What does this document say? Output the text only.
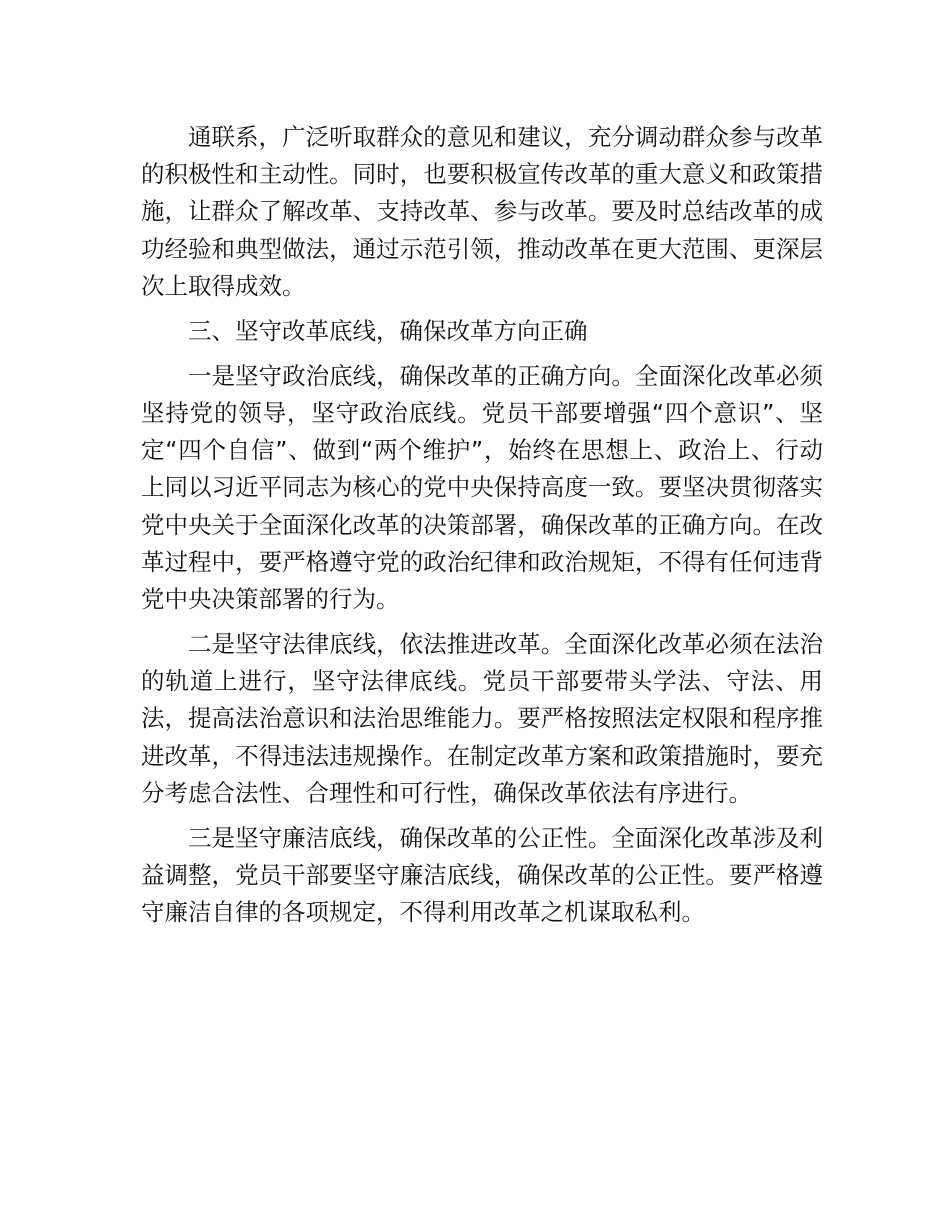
通联系，广泛听取群众的意见和建议，充分调动群众参与改革的积极性和主动性。同时，也要积极宣传改革的重大意义和政策措施，让群众了解改革、支持改革、参与改革。要及时总结改革的成功经验和典型做法，通过示范引领，推动改革在更大范围、更深层次上取得成效。

三、坚守改革底线，确保改革方向正确

一是坚守政治底线，确保改革的正确方向。全面深化改革必须坚持党的领导，坚守政治底线。党员干部要增强“四个意识”、坚定“四个自信”、做到“两个维护”，始终在思想上、政治上、行动上同以习近平同志为核心的党中央保持高度一致。要坚决贯彻落实党中央关于全面深化改革的决策部署，确保改革的正确方向。在改革过程中，要严格遵守党的政治纪律和政治规矩，不得有任何违背党中央决策部署的行为。

二是坚守法律底线，依法推进改革。全面深化改革必须在法治的轨道上进行，坚守法律底线。党员干部要带头学法、守法、用法，提高法治意识和法治思维能力。要严格按照法定权限和程序推进改革，不得违法违规操作。在制定改革方案和政策措施时，要充分考虑合法性、合理性和可行性，确保改革依法有序进行。

三是坚守廉洁底线，确保改革的公正性。全面深化改革涉及利益调整，党员干部要坚守廉洁底线，确保改革的公正性。要严格遵守廉洁自律的各项规定，不得利用改革之机谋取私利。
